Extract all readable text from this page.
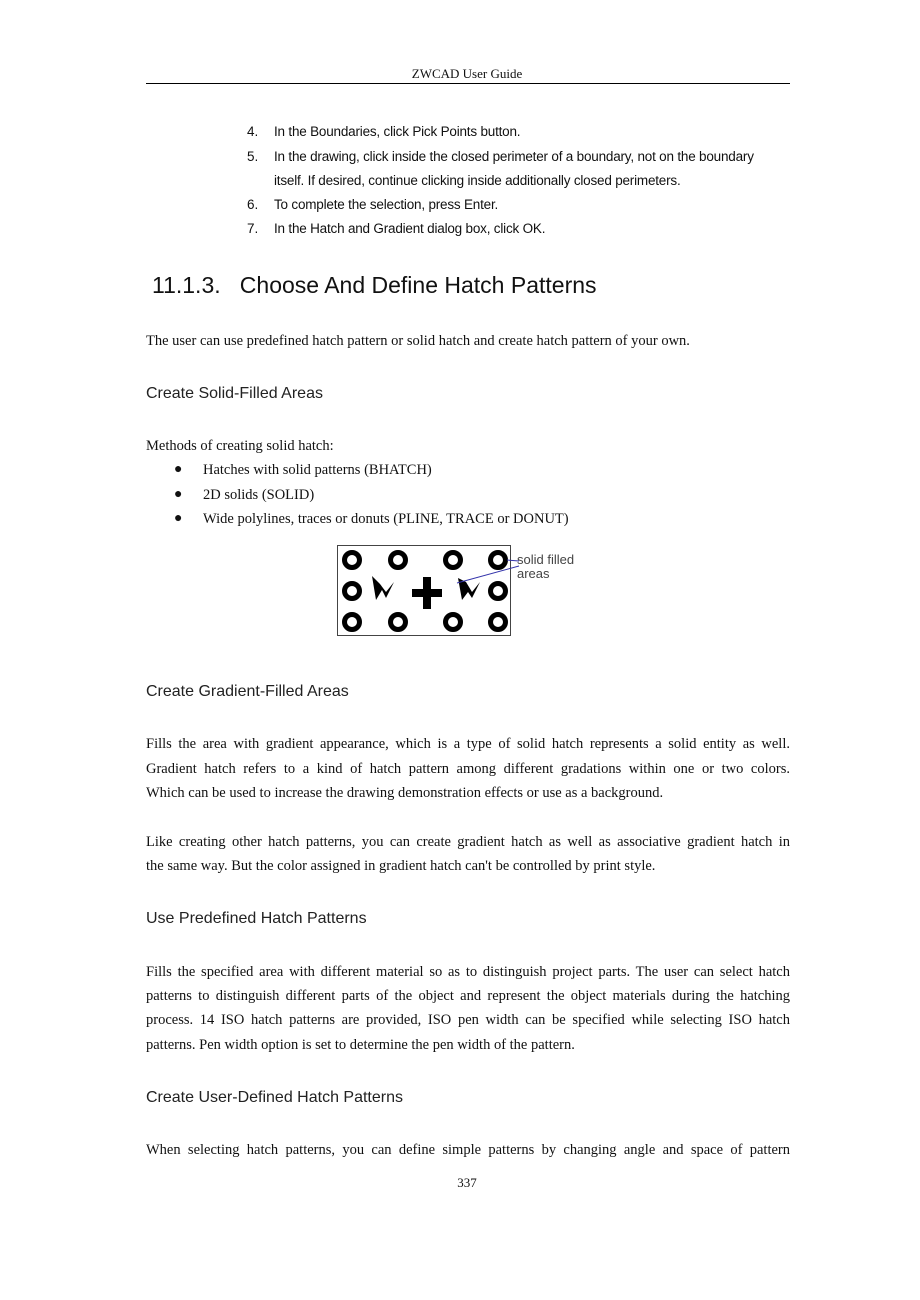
ZWCAD User Guide
4. In the Boundaries, click Pick Points button.
5. In the drawing, click inside the closed perimeter of a boundary, not on the boundary
itself. If desired, continue clicking inside additionally closed perimeters.
6. To complete the selection, press Enter.
7. In the Hatch and Gradient dialog box, click OK.
11.1.3.   Choose And Define Hatch Patterns
The user can use predefined hatch pattern or solid hatch and create hatch pattern of your own.
Create Solid-Filled Areas
Methods of creating solid hatch:
● Hatches with solid patterns (BHATCH)
● 2D solids (SOLID)
● Wide polylines, traces or donuts (PLINE, TRACE or DONUT)
solid filled areas
Create Gradient-Filled Areas
Fills the area with gradient appearance, which is a type of solid hatch represents a solid entity as well.
Gradient hatch refers to a kind of hatch pattern among different gradations within one or two colors.
Which can be used to increase the drawing demonstration effects or use as a background.
Like creating other hatch patterns, you can create gradient hatch as well as associative gradient hatch in
the same way. But the color assigned in gradient hatch can't be controlled by print style.
Use Predefined Hatch Patterns
Fills the specified area with different material so as to distinguish project parts. The user can select hatch
patterns to distinguish different parts of the object and represent the object materials during the hatching
process. 14 ISO hatch patterns are provided, ISO pen width can be specified while selecting ISO hatch
patterns. Pen width option is set to determine the pen width of the pattern.
Create User-Defined Hatch Patterns
When selecting hatch patterns, you can define simple patterns by changing angle and space of pattern
337
